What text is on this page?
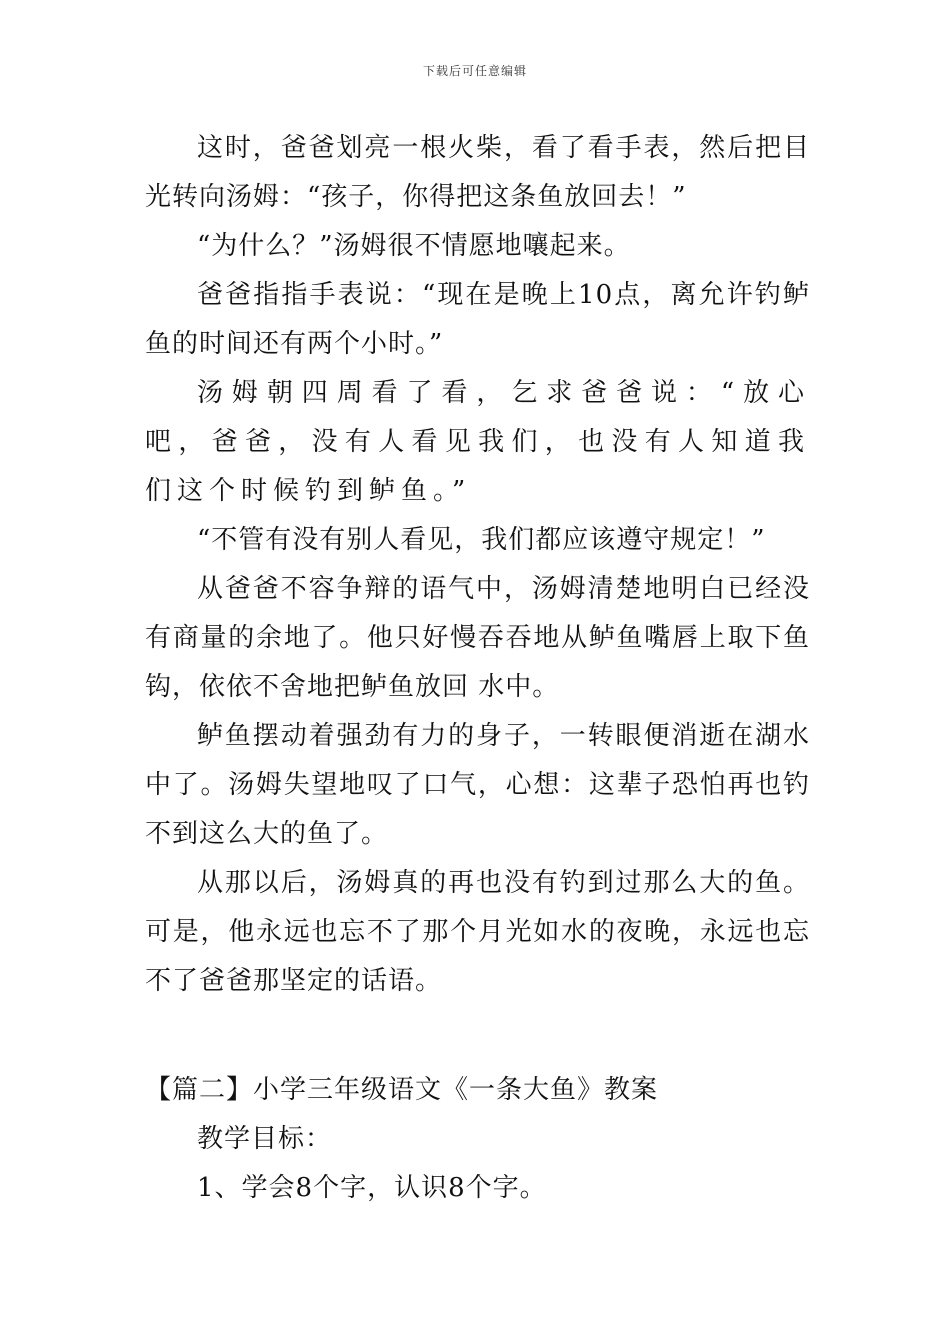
下载后可任意编辑

这时，爸爸划亮一根火柴，看了看手表，然后把目光转向汤姆：“孩子，你得把这条鱼放回去！”

“为什么？”汤姆很不情愿地嚷起来。

爸爸指指手表说：“现在是晚上10点，离允许钓鲈鱼的时间还有两个小时。”

汤姆朝四周看了看，乞求爸爸说：“放心吧，爸爸，没有人看见我们，也没有人知道我们这个时候钓到鲈鱼。”

“不管有没有别人看见，我们都应该遵守规定！”

从爸爸不容争辩的语气中，汤姆清楚地明白已经没有商量的余地了。他只好慢吞吞地从鲈鱼嘴唇上取下鱼钩，依依不舍地把鲈鱼放回 水中。

鲈鱼摆动着强劲有力的身子，一转眼便消逝在湖水中了。汤姆失望地叹了口气，心想：这辈子恐怕再也钓不到这么大的鱼了。

从那以后，汤姆真的再也没有钓到过那么大的鱼。可是，他永远也忘不了那个月光如水的夜晚，永远也忘不了爸爸那坚定的话语。

【篇二】小学三年级语文《一条大鱼》教案

教学目标：

1、学会8个字，认识8个字。
